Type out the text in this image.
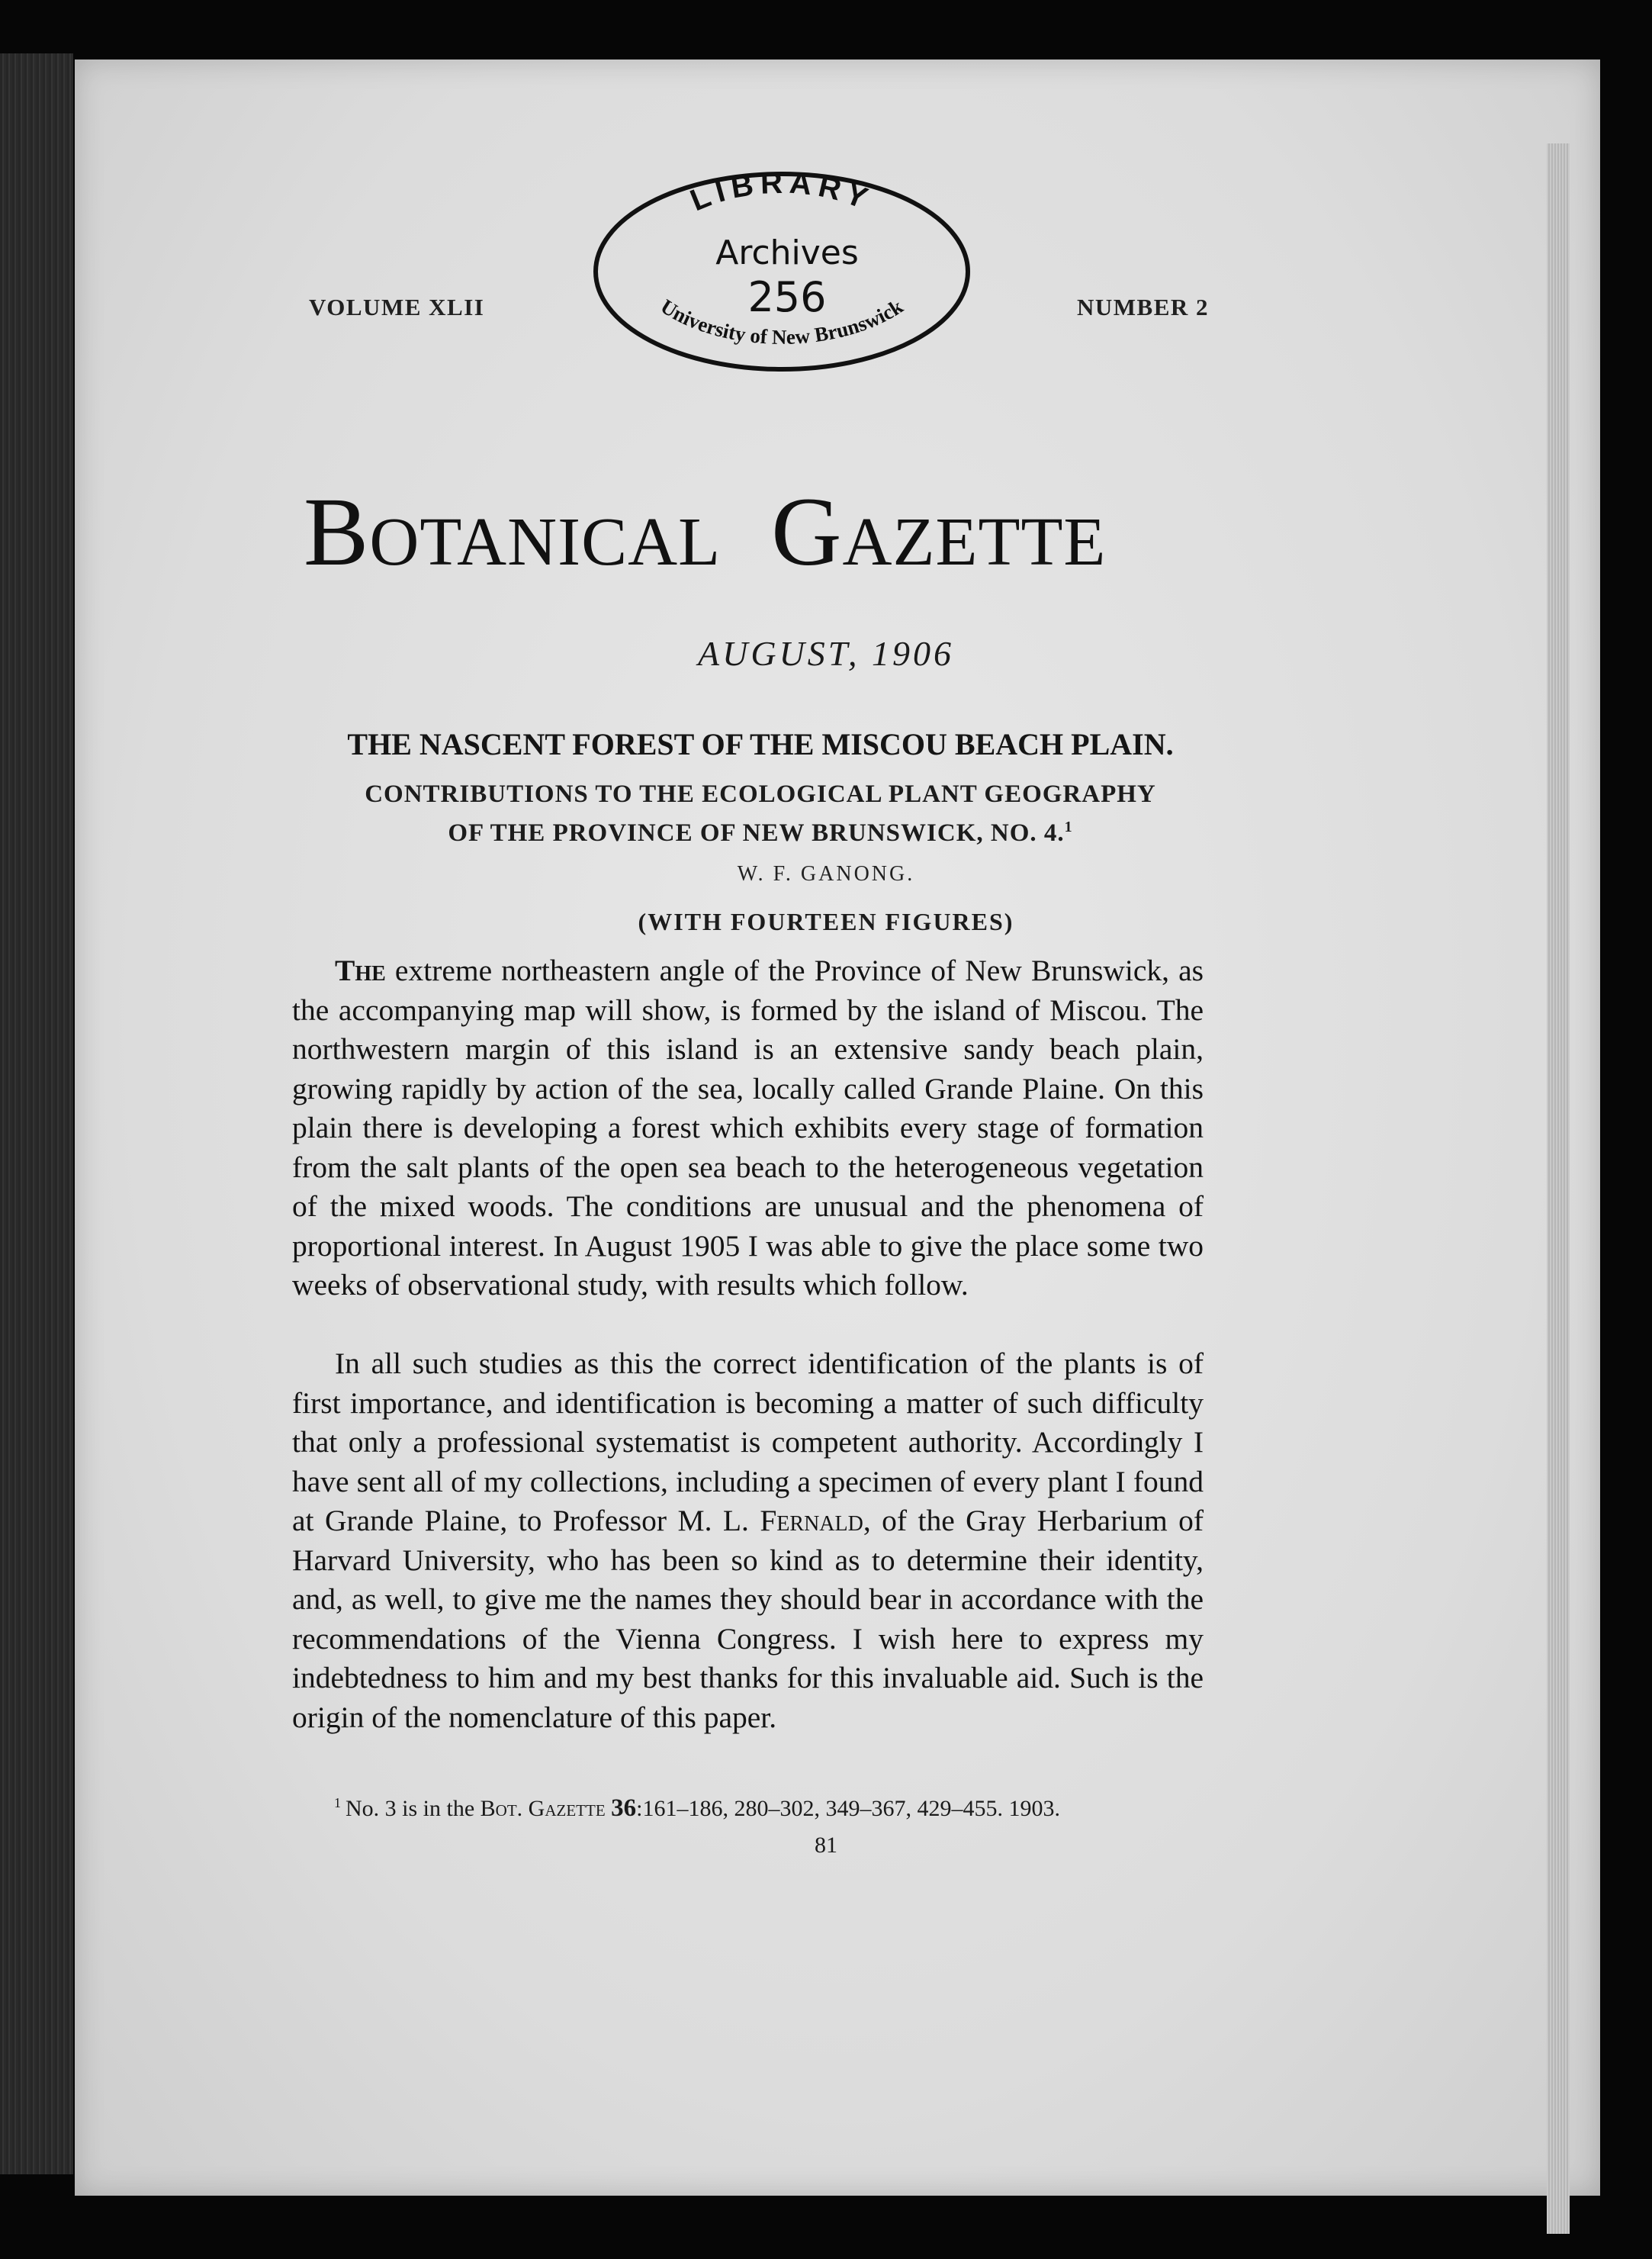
VOLUME XLII	NUMBER 2
LIBRARY
Archives
256
University of New Brunswick
Botanical  Gazette
AUGUST, 1906
THE NASCENT FOREST OF THE MISCOU BEACH PLAIN.
CONTRIBUTIONS TO THE ECOLOGICAL PLANT GEOGRAPHY
OF THE PROVINCE OF NEW BRUNSWICK, NO. 4.$^1$
W. F. GANONG.
(WITH FOURTEEN FIGURES)

The extreme northeastern angle of the Province of New Brunswick, as the accompanying map will show, is formed by the island of Miscou. The northwestern margin of this island is an extensive sandy beach plain, growing rapidly by action of the sea, locally called Grande Plaine. On this plain there is developing a forest which exhibits every stage of formation from the salt plants of the open sea beach to the heterogeneous vegetation of the mixed woods. The conditions are unusual and the phenomena of proportional interest. In August 1905 I was able to give the place some two weeks of observational study, with results which follow.

In all such studies as this the correct identification of the plants is of first importance, and identification is becoming a matter of such difficulty that only a professional systematist is competent authority. Accordingly I have sent all of my collections, including a specimen of every plant I found at Grande Plaine, to Professor M. L. Fernald, of the Gray Herbarium of Harvard University, who has been so kind as to determine their identity, and, as well, to give me the names they should bear in accordance with the recommendations of the Vienna Congress. I wish here to express my indebtedness to him and my best thanks for this invaluable aid. Such is the origin of the nomenclature of this paper.

$^1$ No. 3 is in the Bot. Gazette 36:161–186, 280–302, 349–367, 429–455. 1903.
81
